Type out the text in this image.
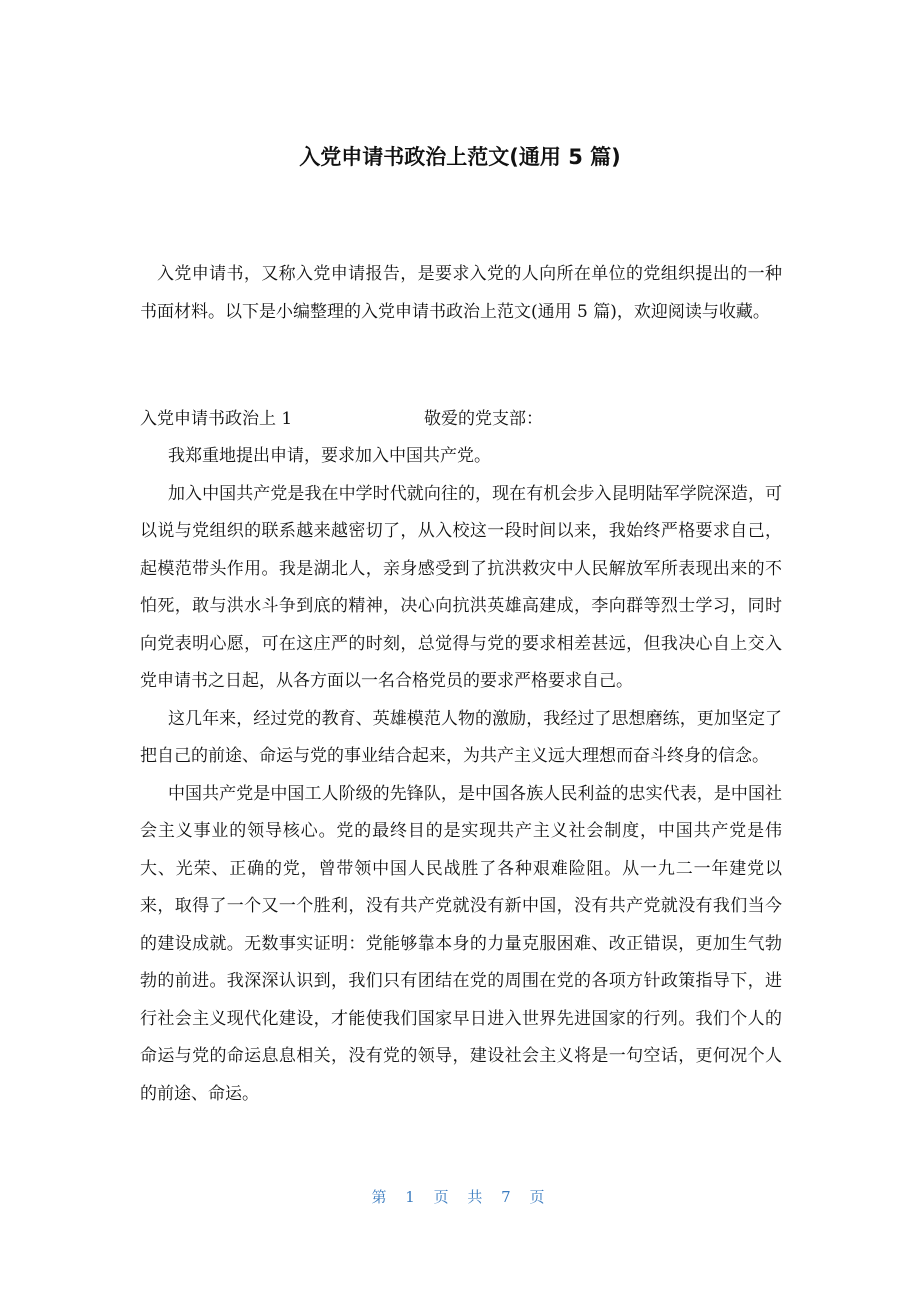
入党申请书政治上范文(通用 5 篇)

入党申请书，又称入党申请报告，是要求入党的人向所在单位的党组织提出的一种书面材料。以下是小编整理的入党申请书政治上范文(通用 5 篇)，欢迎阅读与收藏。

入党申请书政治上 1	敬爱的党支部：

我郑重地提出申请，要求加入中国共产党。

加入中国共产党是我在中学时代就向往的，现在有机会步入昆明陆军学院深造，可以说与党组织的联系越来越密切了，从入校这一段时间以来，我始终严格要求自己，起模范带头作用。我是湖北人，亲身感受到了抗洪救灾中人民解放军所表现出来的不怕死，敢与洪水斗争到底的精神，决心向抗洪英雄高建成，李向群等烈士学习，同时向党表明心愿，可在这庄严的时刻，总觉得与党的要求相差甚远，但我决心自上交入党申请书之日起，从各方面以一名合格党员的要求严格要求自己。

这几年来，经过党的教育、英雄模范人物的激励，我经过了思想磨练，更加坚定了把自己的前途、命运与党的事业结合起来，为共产主义远大理想而奋斗终身的信念。

中国共产党是中国工人阶级的先锋队，是中国各族人民利益的忠实代表，是中国社会主义事业的领导核心。党的最终目的是实现共产主义社会制度，中国共产党是伟大、光荣、正确的党，曾带领中国人民战胜了各种艰难险阻。从一九二一年建党以来，取得了一个又一个胜利，没有共产党就没有新中国，没有共产党就没有我们当今的建设成就。无数事实证明：党能够靠本身的力量克服困难、改正错误，更加生气勃勃的前进。我深深认识到，我们只有团结在党的周围在党的各项方针政策指导下，进行社会主义现代化建设，才能使我们国家早日进入世界先进国家的行列。我们个人的命运与党的命运息息相关，没有党的领导，建设社会主义将是一句空话，更何况个人的前途、命运。

第 1 页 共 7 页
